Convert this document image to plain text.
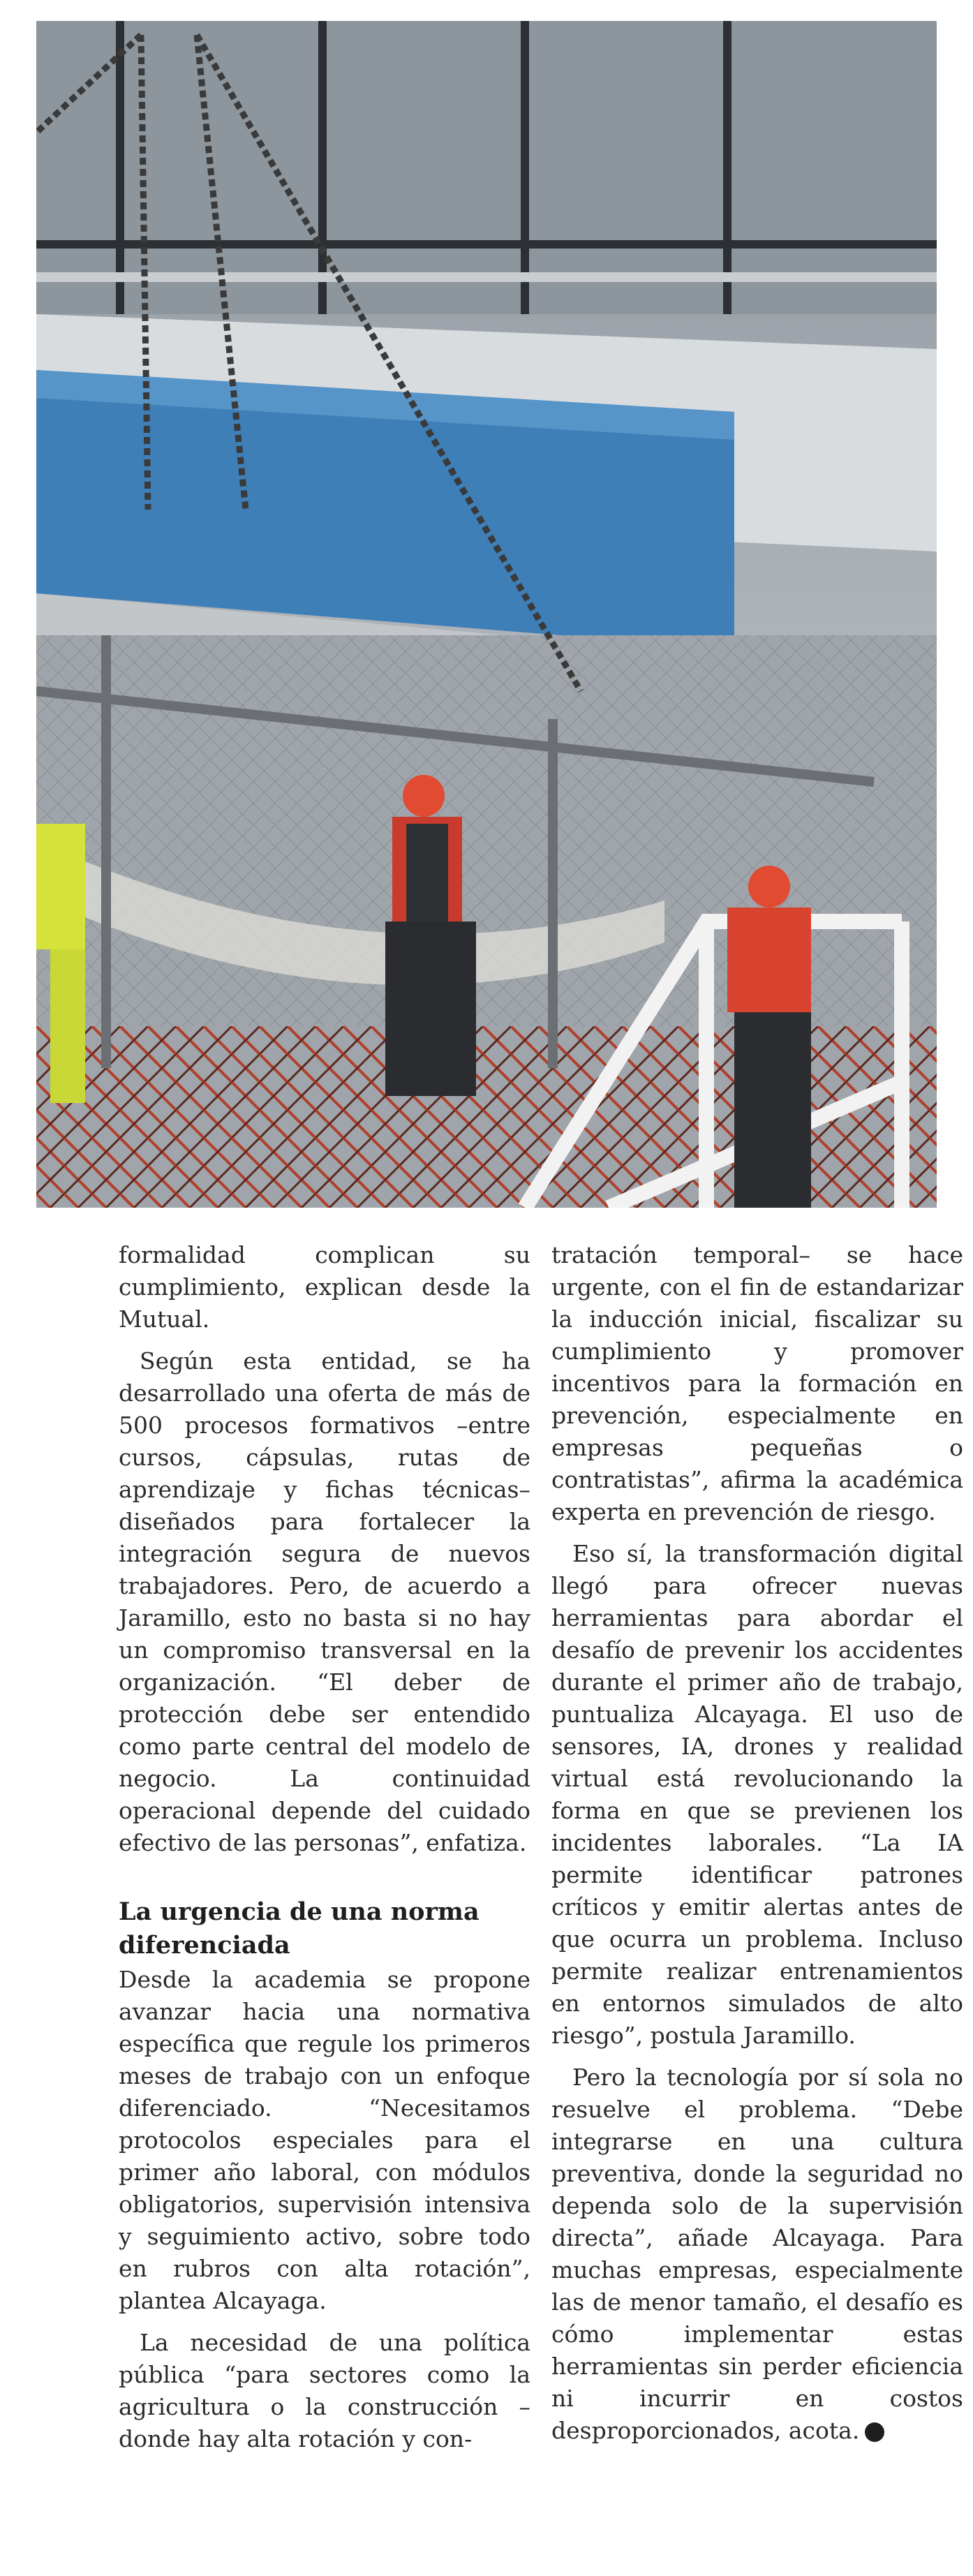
formalidad complican su cumplimiento, explican desde la Mutual.

Según esta entidad, se ha desarrollado una oferta de más de 500 procesos formativos –entre cursos, cápsulas, rutas de aprendizaje y fichas técnicas– diseñados para fortalecer la integración segura de nuevos trabajadores. Pero, de acuerdo a Jaramillo, esto no basta si no hay un compromiso transversal en la organización. “El deber de protección debe ser entendido como parte central del modelo de negocio. La continuidad operacional depende del cuidado efectivo de las personas”, enfatiza.

La urgencia de una norma diferenciada

Desde la academia se propone avanzar hacia una normativa específica que regule los primeros meses de trabajo con un enfoque diferenciado. “Necesitamos protocolos especiales para el primer año laboral, con módulos obligatorios, supervisión intensiva y seguimiento activo, sobre todo en rubros con alta rotación”, plantea Alcayaga.

La necesidad de una política pública “para sectores como la agricultura o la construcción –donde hay alta rotación y con-

tratación temporal– se hace urgente, con el fin de estandarizar la inducción inicial, fiscalizar su cumplimiento y promover incentivos para la formación en prevención, especialmente en empresas pequeñas o contratistas”, afirma la académica experta en prevención de riesgo.

Eso sí, la transformación digital llegó para ofrecer nuevas herramientas para abordar el desafío de prevenir los accidentes durante el primer año de trabajo, puntualiza Alcayaga. El uso de sensores, IA, drones y realidad virtual está revolucionando la forma en que se previenen los incidentes laborales. “La IA permite identificar patrones críticos y emitir alertas antes de que ocurra un problema. Incluso permite realizar entrenamientos en entornos simulados de alto riesgo”, postula Jaramillo.

Pero la tecnología por sí sola no resuelve el problema. “Debe integrarse en una cultura preventiva, donde la seguridad no dependa solo de la supervisión directa”, añade Alcayaga. Para muchas empresas, especialmente las de menor tamaño, el desafío es cómo implementar estas herramientas sin perder eficiencia ni incurrir en costos desproporcionados, acota. P
